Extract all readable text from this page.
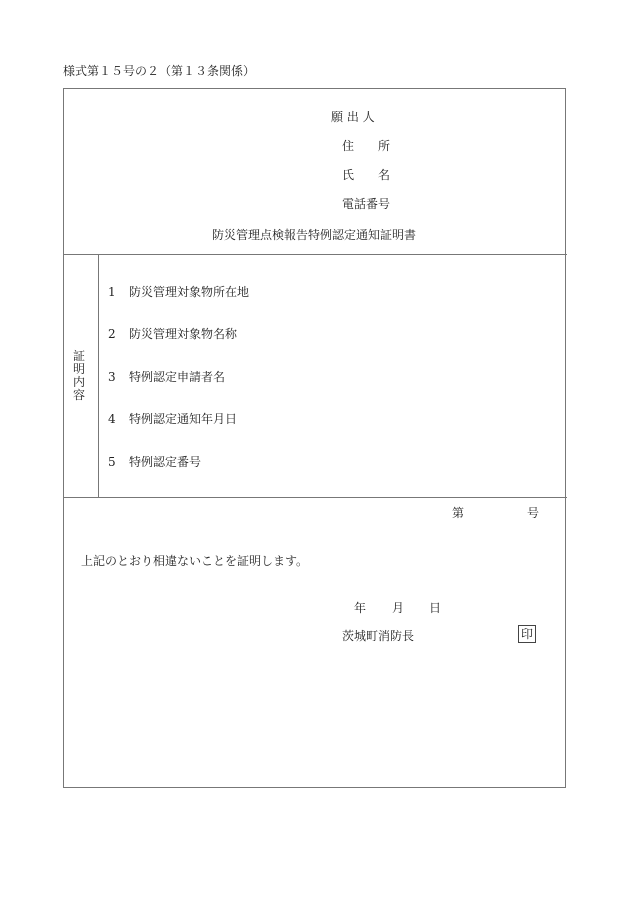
様式第１５号の２（第１３条関係）
願 出 人
住　　所
氏　　名
電話番号
防災管理点検報告特例認定通知証明書
証
明
内
容
1 防災管理対象物所在地
2 防災管理対象物名称
3 特例認定申請者名
4 特例認定通知年月日
5 特例認定番号
第	号
上記のとおり相違ないことを証明します。
年 月 日
茨城町消防長	印
